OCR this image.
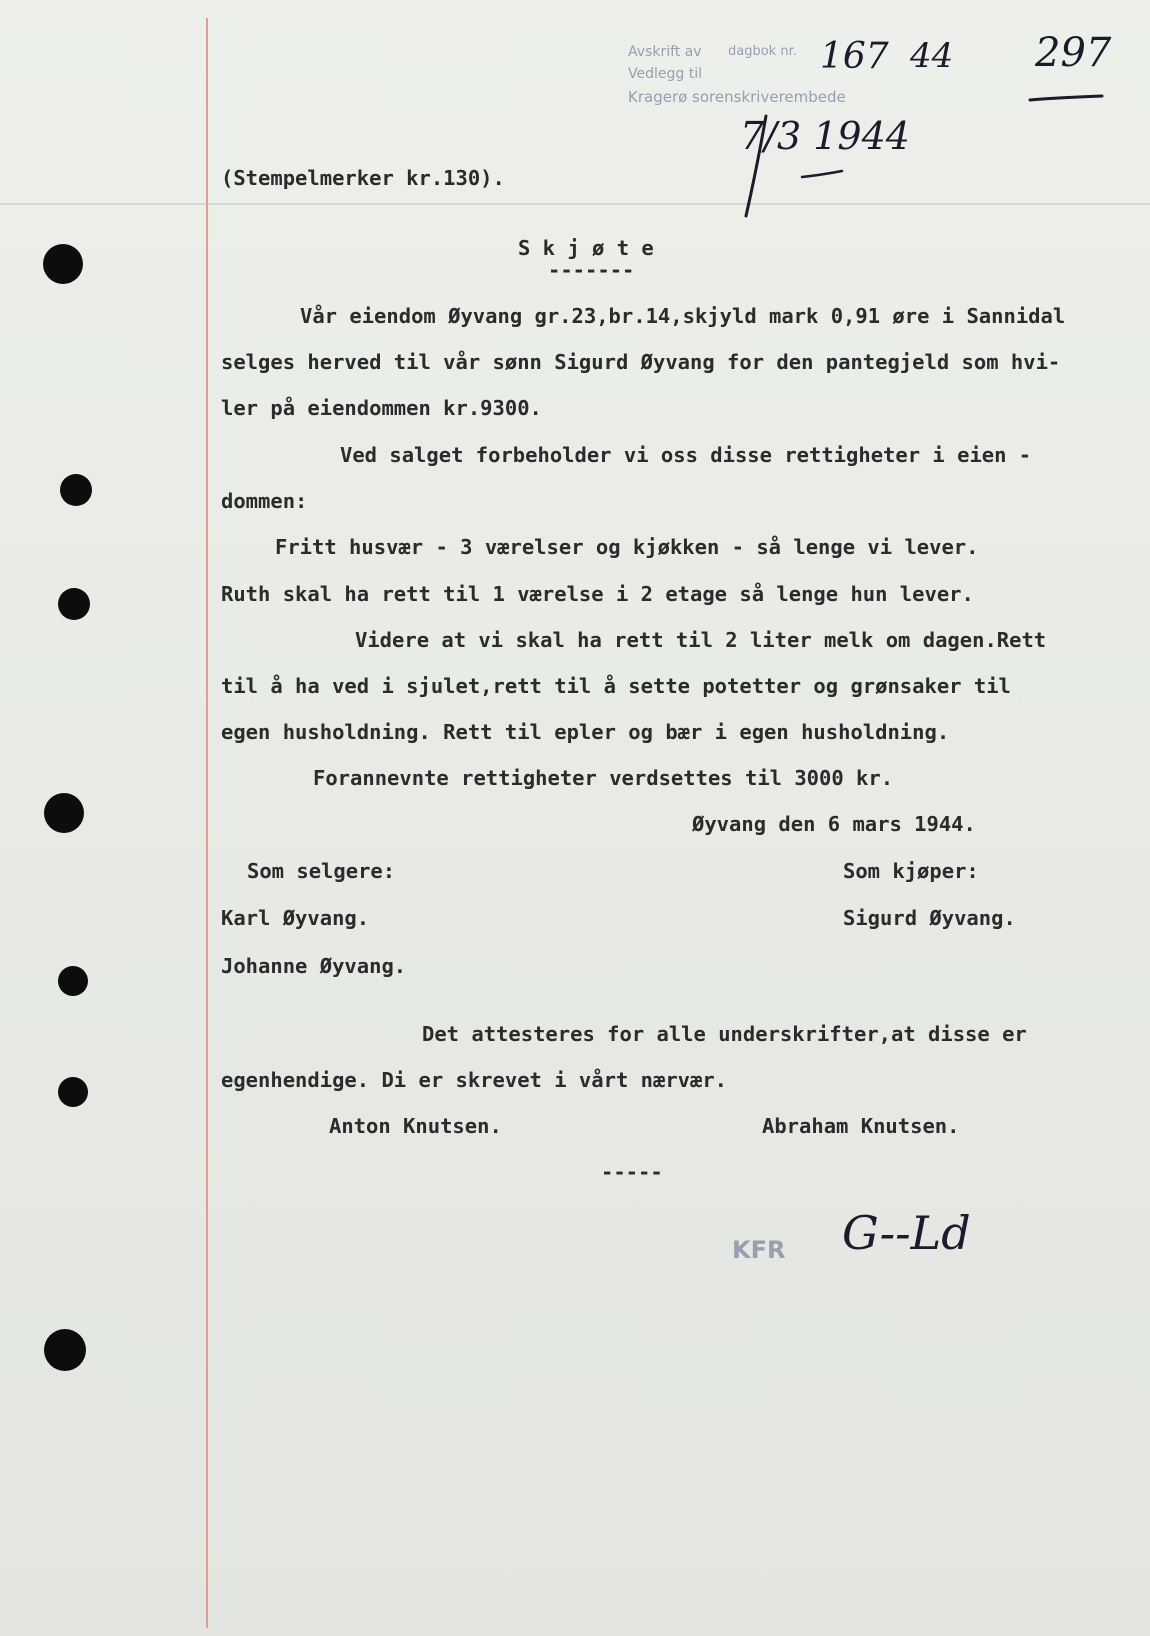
Avskrift av dagbok nr.
Vedlegg til
Kragerø sorenskriverembede
167 44
7/3 1944
297
(Stempelmerker kr.130).
S k j ø t e
-------
Vår eiendom Øyvang gr.23,br.14,skjyld mark 0,91 øre i Sannidal
selges herved til vår sønn Sigurd Øyvang for den pantegjeld som hvi-
ler på eiendommen kr.9300.
Ved salget forbeholder vi oss disse rettigheter i eien -
dommen:
Fritt husvær - 3 værelser og kjøkken - så lenge vi lever.
Ruth skal ha rett til 1 værelse i 2 etage så lenge hun lever.
Videre at vi skal ha rett til 2 liter melk om dagen.Rett
til å ha ved i sjulet,rett til å sette potetter og grønsaker til
egen husholdning. Rett til epler og bær i egen husholdning.
Forannevnte rettigheter verdsettes til 3000 kr.
Øyvang den 6 mars 1944.
Som selgere:	Som kjøper:
Karl Øyvang.	Sigurd Øyvang.
Johanne Øyvang.
Det attesteres for alle underskrifter,at disse er
egenhendige. Di er skrevet i vårt nærvær.
Anton Knutsen.	Abraham Knutsen.
-----
KFR G--Ld
